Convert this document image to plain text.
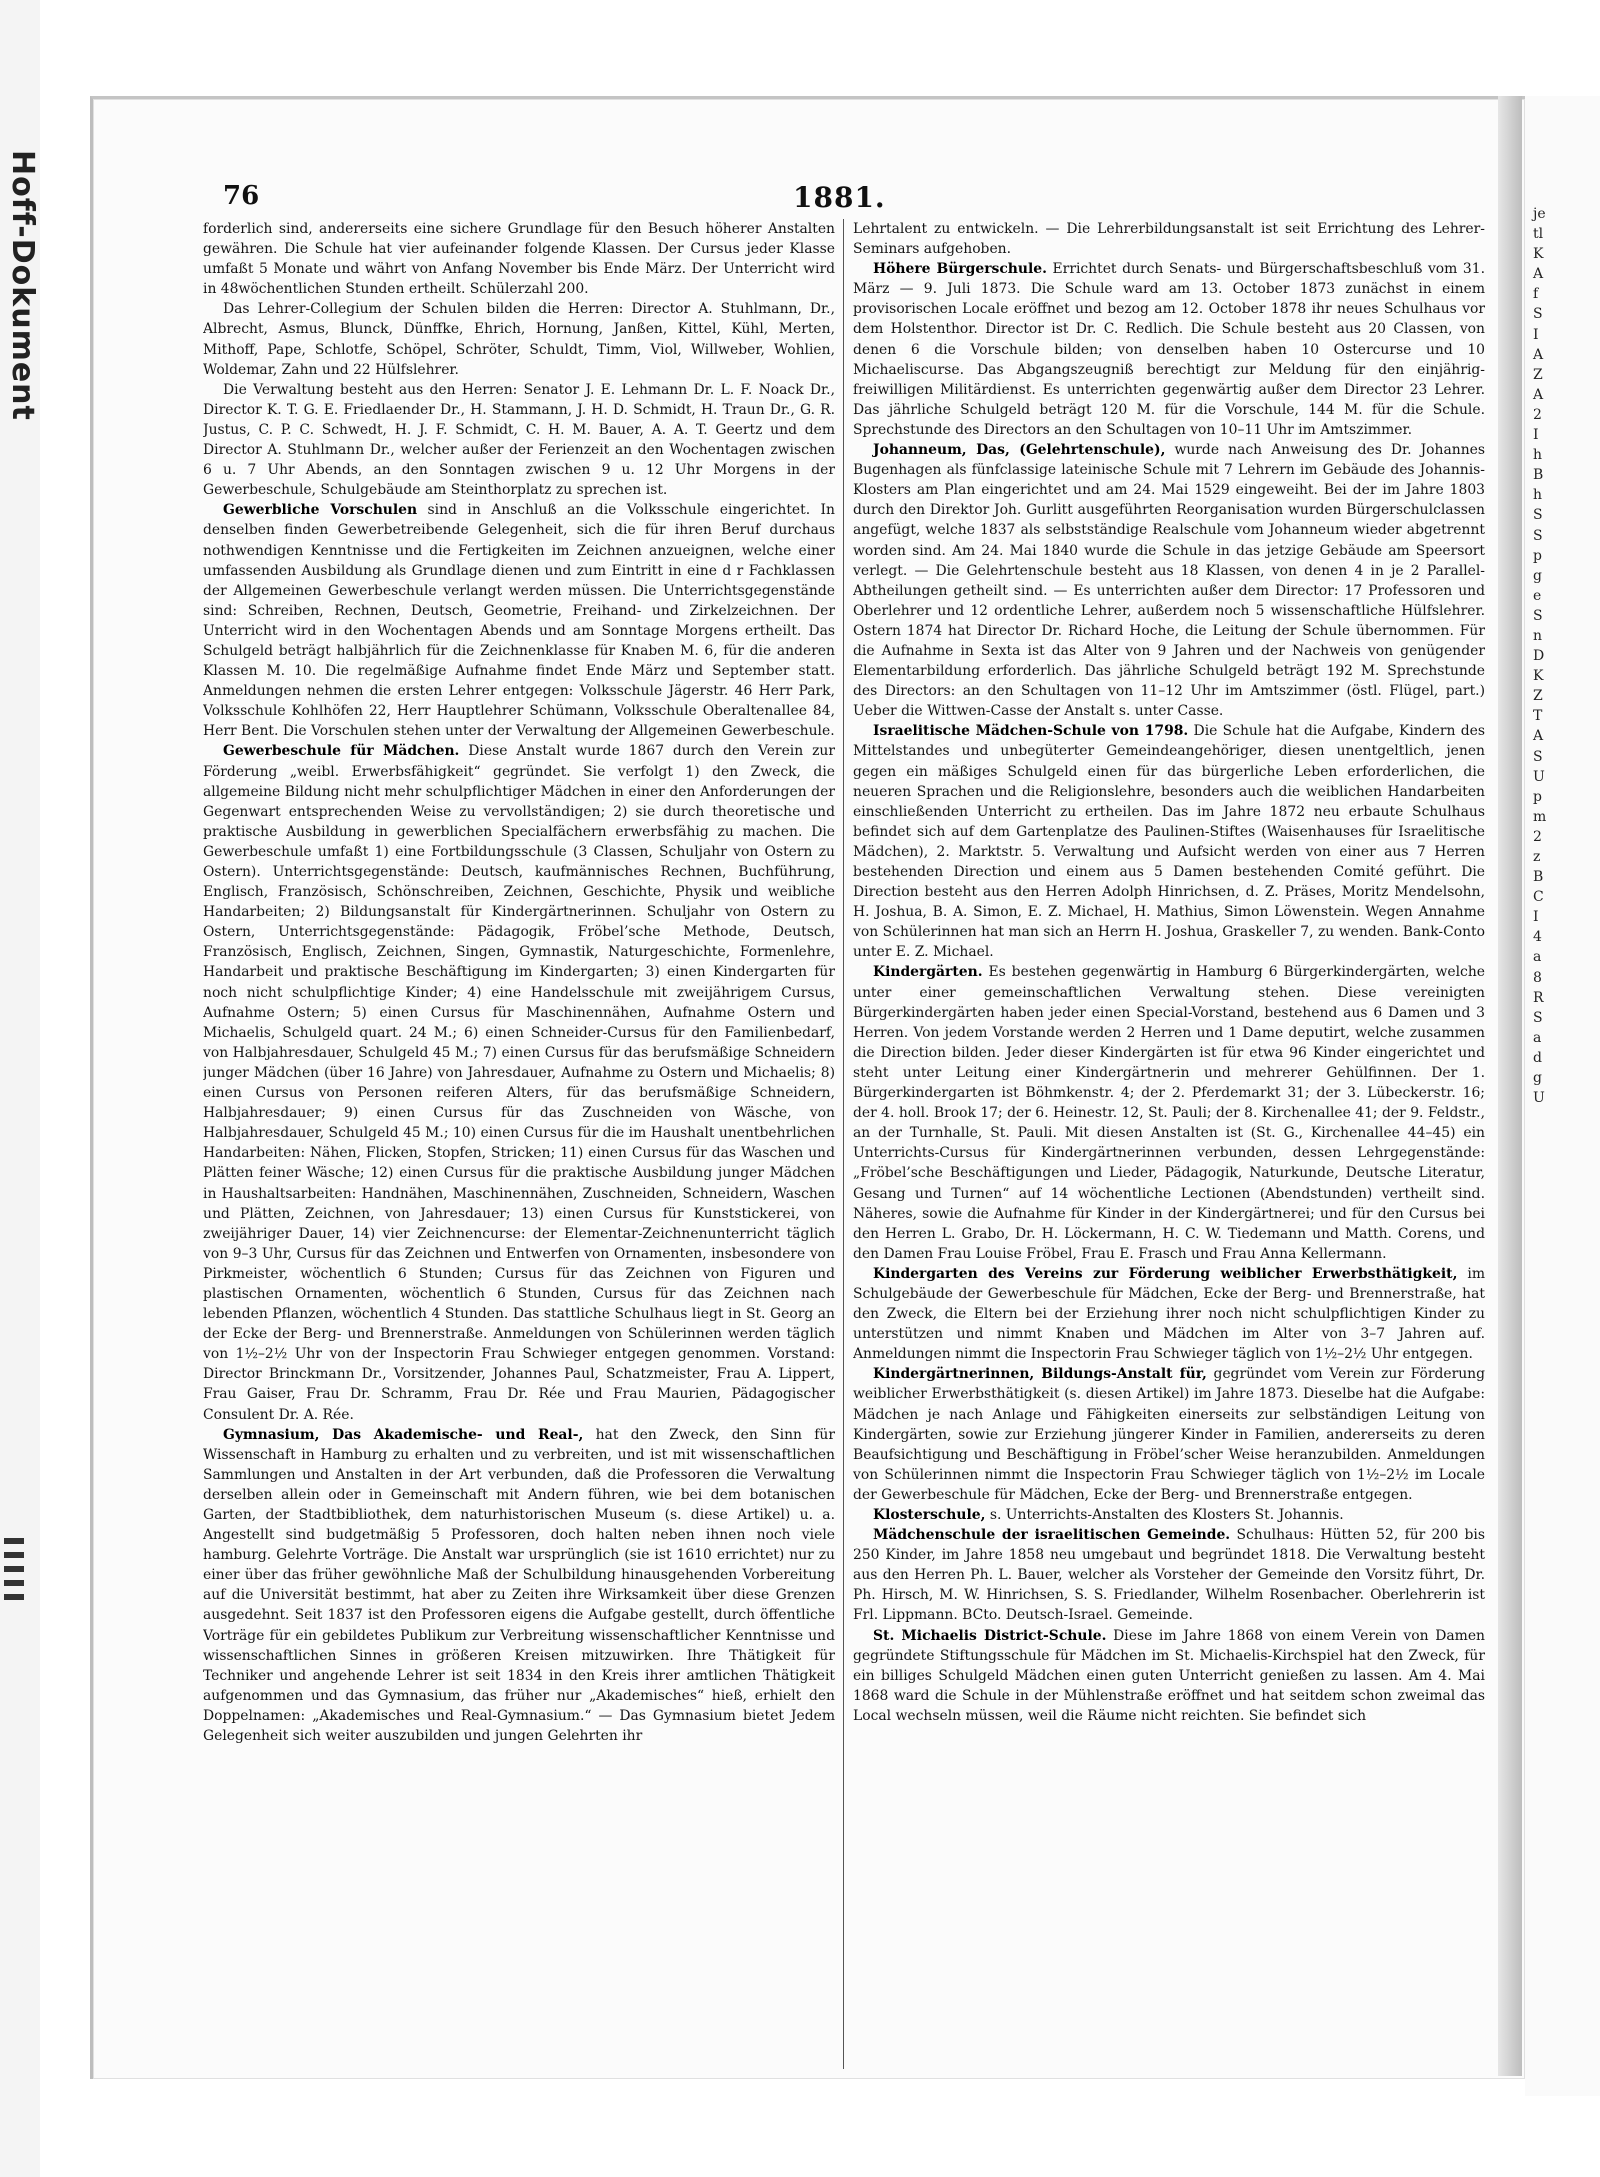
Hoff-Dokument	76	1881.

forderlich sind, andererseits eine sichere Grundlage für den Besuch höherer Anstalten gewähren. Die Schule hat vier aufeinander folgende Klassen. Der Cursus jeder Klasse umfaßt 5 Monate und währt von Anfang November bis Ende März. Der Unterricht wird in 48wöchentlichen Stunden ertheilt. Schülerzahl 200.

Das Lehrer-Collegium der Schulen bilden die Herren: Director A. Stuhlmann, Dr., Albrecht, Asmus, Blunck, Dünffke, Ehrich, Hornung, Janßen, Kittel, Kühl, Merten, Mithoff, Pape, Schlotfe, Schöpel, Schröter, Schuldt, Timm, Viol, Willweber, Wohlien, Woldemar, Zahn und 22 Hülfslehrer.

Die Verwaltung besteht aus den Herren: Senator J. E. Lehmann Dr. L. F. Noack Dr., Director K. T. G. E. Friedlaender Dr., H. Stammann, J. H. D. Schmidt, H. Traun Dr., G. R. Justus, C. P. C. Schwedt, H. J. F. Schmidt, C. H. M. Bauer, A. A. T. Geertz und dem Director A. Stuhlmann Dr., welcher außer der Ferienzeit an den Wochentagen zwischen 6 u. 7 Uhr Abends, an den Sonntagen zwischen 9 u. 12 Uhr Morgens in der Gewerbeschule, Schulgebäude am Steinthorplatz zu sprechen ist.

Gewerbliche Vorschulen sind in Anschluß an die Volksschule eingerichtet. In denselben finden Gewerbetreibende Gelegenheit, sich die für ihren Beruf durchaus nothwendigen Kenntnisse und die Fertigkeiten im Zeichnen anzueignen, welche einer umfassenden Ausbildung als Grundlage dienen und zum Eintritt in eine d r Fachklassen der Allgemeinen Gewerbeschule verlangt werden müssen. Die Unterrichtsgegenstände sind: Schreiben, Rechnen, Deutsch, Geometrie, Freihand- und Zirkelzeichnen. Der Unterricht wird in den Wochentagen Abends und am Sonntage Morgens ertheilt. Das Schulgeld beträgt halbjährlich für die Zeichnenklasse für Knaben M. 6, für die anderen Klassen M. 10. Die regelmäßige Aufnahme findet Ende März und September statt. Anmeldungen nehmen die ersten Lehrer entgegen: Volksschule Jägerstr. 46 Herr Park, Volksschule Kohlhöfen 22, Herr Hauptlehrer Schümann, Volksschule Oberaltenallee 84, Herr Bent. Die Vorschulen stehen unter der Verwaltung der Allgemeinen Gewerbeschule.

Gewerbeschule für Mädchen. Diese Anstalt wurde 1867 durch den Verein zur Förderung „weibl. Erwerbsfähigkeit“ gegründet. Sie verfolgt 1) den Zweck, die allgemeine Bildung nicht mehr schulpflichtiger Mädchen in einer den Anforderungen der Gegenwart entsprechenden Weise zu vervollständigen; 2) sie durch theoretische und praktische Ausbildung in gewerblichen Specialfächern erwerbsfähig zu machen. Die Gewerbeschule umfaßt 1) eine Fortbildungsschule (3 Classen, Schuljahr von Ostern zu Ostern). Unterrichtsgegenstände: Deutsch, kaufmännisches Rechnen, Buchführung, Englisch, Französisch, Schönschreiben, Zeichnen, Geschichte, Physik und weibliche Handarbeiten; 2) Bildungsanstalt für Kindergärtnerinnen. Schuljahr von Ostern zu Ostern, Unterrichtsgegenstände: Pädagogik, Fröbel’sche Methode, Deutsch, Französisch, Englisch, Zeichnen, Singen, Gymnastik, Naturgeschichte, Formenlehre, Handarbeit und praktische Beschäftigung im Kindergarten; 3) einen Kindergarten für noch nicht schulpflichtige Kinder; 4) eine Handelsschule mit zweijährigem Cursus, Aufnahme Ostern; 5) einen Cursus für Maschinennähen, Aufnahme Ostern und Michaelis, Schulgeld quart. 24 M.; 6) einen Schneider-Cursus für den Familienbedarf, von Halbjahresdauer, Schulgeld 45 M.; 7) einen Cursus für das berufsmäßige Schneidern junger Mädchen (über 16 Jahre) von Jahresdauer, Aufnahme zu Ostern und Michaelis; 8) einen Cursus von Personen reiferen Alters, für das berufsmäßige Schneidern, Halbjahresdauer; 9) einen Cursus für das Zuschneiden von Wäsche, von Halbjahresdauer, Schulgeld 45 M.; 10) einen Cursus für die im Haushalt unentbehrlichen Handarbeiten: Nähen, Flicken, Stopfen, Stricken; 11) einen Cursus für das Waschen und Plätten feiner Wäsche; 12) einen Cursus für die praktische Ausbildung junger Mädchen in Haushaltsarbeiten: Handnähen, Maschinennähen, Zuschneiden, Schneidern, Waschen und Plätten, Zeichnen, von Jahresdauer; 13) einen Cursus für Kunststickerei, von zweijähriger Dauer, 14) vier Zeichnencurse: der Elementar-Zeichnenunterricht täglich von 9–3 Uhr, Cursus für das Zeichnen und Entwerfen von Ornamenten, insbesondere von Pirkmeister, wöchentlich 6 Stunden; Cursus für das Zeichnen von Figuren und plastischen Ornamenten, wöchentlich 6 Stunden, Cursus für das Zeichnen nach lebenden Pflanzen, wöchentlich 4 Stunden. Das stattliche Schulhaus liegt in St. Georg an der Ecke der Berg- und Brennerstraße. Anmeldungen von Schülerinnen werden täglich von 1½–2½ Uhr von der Inspectorin Frau Schwieger entgegen genommen. Vorstand: Director Brinckmann Dr., Vorsitzender, Johannes Paul, Schatzmeister, Frau A. Lippert, Frau Gaiser, Frau Dr. Schramm, Frau Dr. Rée und Frau Maurien, Pädagogischer Consulent Dr. A. Rée.

Gymnasium, Das Akademische- und Real-, hat den Zweck, den Sinn für Wissenschaft in Hamburg zu erhalten und zu verbreiten, und ist mit wissenschaftlichen Sammlungen und Anstalten in der Art verbunden, daß die Professoren die Verwaltung derselben allein oder in Gemeinschaft mit Andern führen, wie bei dem botanischen Garten, der Stadtbibliothek, dem naturhistorischen Museum (s. diese Artikel) u. a. Angestellt sind budgetmäßig 5 Professoren, doch halten neben ihnen noch viele hamburg. Gelehrte Vorträge. Die Anstalt war ursprünglich (sie ist 1610 errichtet) nur zu einer über das früher gewöhnliche Maß der Schulbildung hinausgehenden Vorbereitung auf die Universität bestimmt, hat aber zu Zeiten ihre Wirksamkeit über diese Grenzen ausgedehnt. Seit 1837 ist den Professoren eigens die Aufgabe gestellt, durch öffentliche Vorträge für ein gebildetes Publikum zur Verbreitung wissenschaftlicher Kenntnisse und wissenschaftlichen Sinnes in größeren Kreisen mitzuwirken. Ihre Thätigkeit für Techniker und angehende Lehrer ist seit 1834 in den Kreis ihrer amtlichen Thätigkeit aufgenommen und das Gymnasium, das früher nur „Akademisches“ hieß, erhielt den Doppelnamen: „Akademisches und Real-Gymnasium.“ — Das Gymnasium bietet Jedem Gelegenheit sich weiter auszubilden und jungen Gelehrten ihr

Lehrtalent zu entwickeln. — Die Lehrerbildungsanstalt ist seit Errichtung des Lehrer-Seminars aufgehoben.

Höhere Bürgerschule. Errichtet durch Senats- und Bürgerschaftsbeschluß vom 31. März — 9. Juli 1873. Die Schule ward am 13. October 1873 zunächst in einem provisorischen Locale eröffnet und bezog am 12. October 1878 ihr neues Schulhaus vor dem Holstenthor. Director ist Dr. C. Redlich. Die Schule besteht aus 20 Classen, von denen 6 die Vorschule bilden; von denselben haben 10 Ostercurse und 10 Michaeliscurse. Das Abgangszeugniß berechtigt zur Meldung für den einjährig-freiwilligen Militärdienst. Es unterrichten gegenwärtig außer dem Director 23 Lehrer. Das jährliche Schulgeld beträgt 120 M. für die Vorschule, 144 M. für die Schule. Sprechstunde des Directors an den Schultagen von 10–11 Uhr im Amtszimmer.

Johanneum, Das, (Gelehrtenschule), wurde nach Anweisung des Dr. Johannes Bugenhagen als fünfclassige lateinische Schule mit 7 Lehrern im Gebäude des Johannis-Klosters am Plan eingerichtet und am 24. Mai 1529 eingeweiht. Bei der im Jahre 1803 durch den Direktor Joh. Gurlitt ausgeführten Reorganisation wurden Bürgerschulclassen angefügt, welche 1837 als selbstständige Realschule vom Johanneum wieder abgetrennt worden sind. Am 24. Mai 1840 wurde die Schule in das jetzige Gebäude am Speersort verlegt. — Die Gelehrtenschule besteht aus 18 Klassen, von denen 4 in je 2 Parallel-Abtheilungen getheilt sind. — Es unterrichten außer dem Director: 17 Professoren und Oberlehrer und 12 ordentliche Lehrer, außerdem noch 5 wissenschaftliche Hülfslehrer. Ostern 1874 hat Director Dr. Richard Hoche, die Leitung der Schule übernommen. Für die Aufnahme in Sexta ist das Alter von 9 Jahren und der Nachweis von genügender Elementarbildung erforderlich. Das jährliche Schulgeld beträgt 192 M. Sprechstunde des Directors: an den Schultagen von 11–12 Uhr im Amtszimmer (östl. Flügel, part.) Ueber die Wittwen-Casse der Anstalt s. unter Casse.

Israelitische Mädchen-Schule von 1798. Die Schule hat die Aufgabe, Kindern des Mittelstandes und unbegüterter Gemeindeangehöriger, diesen unentgeltlich, jenen gegen ein mäßiges Schulgeld einen für das bürgerliche Leben erforderlichen, die neueren Sprachen und die Religionslehre, besonders auch die weiblichen Handarbeiten einschließenden Unterricht zu ertheilen. Das im Jahre 1872 neu erbaute Schulhaus befindet sich auf dem Gartenplatze des Paulinen-Stiftes (Waisenhauses für Israelitische Mädchen), 2. Marktstr. 5. Verwaltung und Aufsicht werden von einer aus 7 Herren bestehenden Direction und einem aus 5 Damen bestehenden Comité geführt. Die Direction besteht aus den Herren Adolph Hinrichsen, d. Z. Präses, Moritz Mendelsohn, H. Joshua, B. A. Simon, E. Z. Michael, H. Mathius, Simon Löwenstein. Wegen Annahme von Schülerinnen hat man sich an Herrn H. Joshua, Graskeller 7, zu wenden. Bank-Conto unter E. Z. Michael.

Kindergärten. Es bestehen gegenwärtig in Hamburg 6 Bürgerkindergärten, welche unter einer gemeinschaftlichen Verwaltung stehen. Diese vereinigten Bürgerkindergärten haben jeder einen Special-Vorstand, bestehend aus 6 Damen und 3 Herren. Von jedem Vorstande werden 2 Herren und 1 Dame deputirt, welche zusammen die Direction bilden. Jeder dieser Kindergärten ist für etwa 96 Kinder eingerichtet und steht unter Leitung einer Kindergärtnerin und mehrerer Gehülfinnen. Der 1. Bürgerkindergarten ist Böhmkenstr. 4; der 2. Pferdemarkt 31; der 3. Lübeckerstr. 16; der 4. holl. Brook 17; der 6. Heinestr. 12, St. Pauli; der 8. Kirchenallee 41; der 9. Feldstr., an der Turnhalle, St. Pauli. Mit diesen Anstalten ist (St. G., Kirchenallee 44–45) ein Unterrichts-Cursus für Kindergärtnerinnen verbunden, dessen Lehrgegenstände: „Fröbel’sche Beschäftigungen und Lieder, Pädagogik, Naturkunde, Deutsche Literatur, Gesang und Turnen“ auf 14 wöchentliche Lectionen (Abendstunden) vertheilt sind. Näheres, sowie die Aufnahme für Kinder in der Kindergärtnerei; und für den Cursus bei den Herren L. Grabo, Dr. H. Löckermann, H. C. W. Tiedemann und Matth. Corens, und den Damen Frau Louise Fröbel, Frau E. Frasch und Frau Anna Kellermann.

Kindergarten des Vereins zur Förderung weiblicher Erwerbsthätigkeit, im Schulgebäude der Gewerbeschule für Mädchen, Ecke der Berg- und Brennerstraße, hat den Zweck, die Eltern bei der Erziehung ihrer noch nicht schulpflichtigen Kinder zu unterstützen und nimmt Knaben und Mädchen im Alter von 3–7 Jahren auf. Anmeldungen nimmt die Inspectorin Frau Schwieger täglich von 1½–2½ Uhr entgegen.

Kindergärtnerinnen, Bildungs-Anstalt für, gegründet vom Verein zur Förderung weiblicher Erwerbsthätigkeit (s. diesen Artikel) im Jahre 1873. Dieselbe hat die Aufgabe: Mädchen je nach Anlage und Fähigkeiten einerseits zur selbständigen Leitung von Kindergärten, sowie zur Erziehung jüngerer Kinder in Familien, andererseits zu deren Beaufsichtigung und Beschäftigung in Fröbel’scher Weise heranzubilden. Anmeldungen von Schülerinnen nimmt die Inspectorin Frau Schwieger täglich von 1½–2½ im Locale der Gewerbeschule für Mädchen, Ecke der Berg- und Brennerstraße entgegen.

Klosterschule, s. Unterrichts-Anstalten des Klosters St. Johannis.

Mädchenschule der israelitischen Gemeinde. Schulhaus: Hütten 52, für 200 bis 250 Kinder, im Jahre 1858 neu umgebaut und begründet 1818. Die Verwaltung besteht aus den Herren Ph. L. Bauer, welcher als Vorsteher der Gemeinde den Vorsitz führt, Dr. Ph. Hirsch, M. W. Hinrichsen, S. S. Friedlander, Wilhelm Rosenbacher. Oberlehrerin ist Frl. Lippmann. BCto. Deutsch-Israel. Gemeinde.

St. Michaelis District-Schule. Diese im Jahre 1868 von einem Verein von Damen gegründete Stiftungsschule für Mädchen im St. Michaelis-Kirchspiel hat den Zweck, für ein billiges Schulgeld Mädchen einen guten Unterricht genießen zu lassen. Am 4. Mai 1868 ward die Schule in der Mühlenstraße eröffnet und hat seitdem schon zweimal das Local wechseln müssen, weil die Räume nicht reichten. Sie befindet sich

je
tl
K
A
f
S
I
A
Z
A
2
I
h
B
h
S
S
p
g
e
S
n
D
K
Z
T
A
S
U
p
m
2
z
B
C
I
4
a
8
R
S
a
d
g
U
